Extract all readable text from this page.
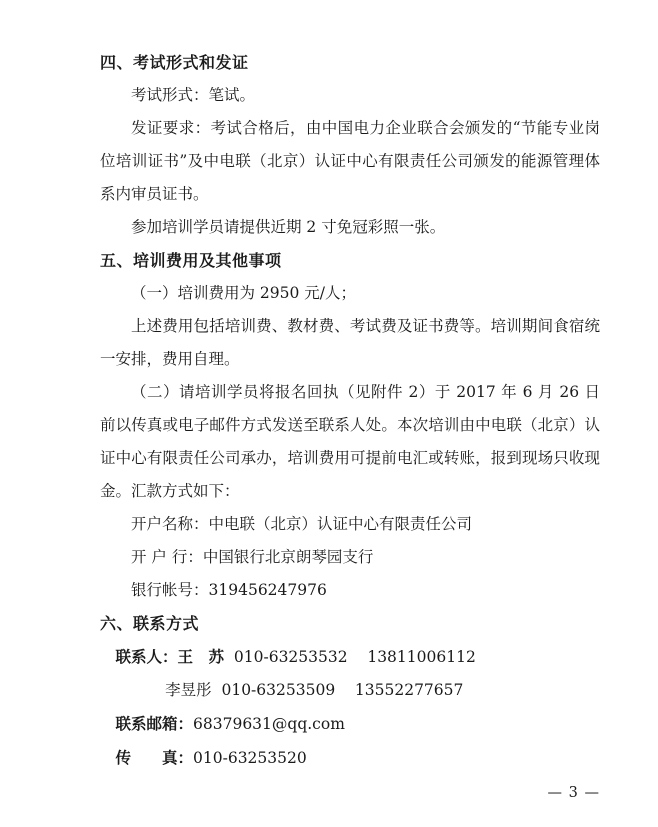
四、考试形式和发证

考试形式：笔试。

发证要求：考试合格后，由中国电力企业联合会颁发的“节能专业岗位培训证书”及中电联（北京）认证中心有限责任公司颁发的能源管理体系内审员证书。

参加培训学员请提供近期 2 寸免冠彩照一张。

五、培训费用及其他事项

（一）培训费用为 2950 元/人；

上述费用包括培训费、教材费、考试费及证书费等。培训期间食宿统一安排，费用自理。

（二）请培训学员将报名回执（见附件 2）于 2017 年 6 月 26 日前以传真或电子邮件方式发送至联系人处。本次培训由中电联（北京）认证中心有限责任公司承办，培训费用可提前电汇或转账，报到现场只收现金。汇款方式如下：

开户名称：中电联（北京）认证中心有限责任公司

开 户 行：中国银行北京朗琴园支行

银行帐号：319456247976

六、联系方式

联系人：王　苏 010-63253532 13811006112

李昱彤 010-63253509 13552277657

联系邮箱：68379631@qq.com

传　　真：010-63253520

— 3 —
